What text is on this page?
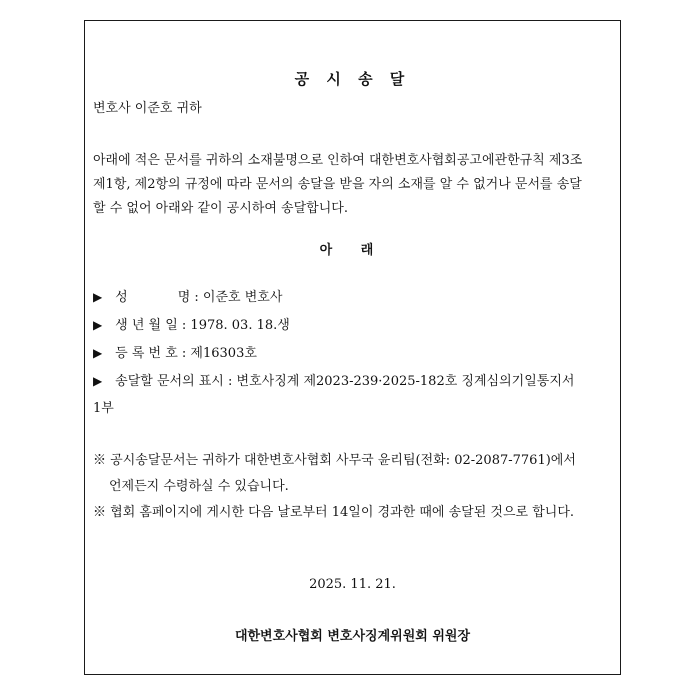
공 시 송 달
변호사 이준호 귀하
아래에 적은 문서를 귀하의 소재불명으로 인하여 대한변호사협회공고에관한규칙 제3조
제1항, 제2항의 규정에 따라 문서의 송달을 받을 자의 소재를 알 수 없거나 문서를 송달
할 수 없어 아래와 같이 공시하여 송달합니다.
아 래
▶ 성	명 : 이준호 변호사
▶ 생 년 월 일 : 1978. 03. 18.생
▶ 등 록 번 호 : 제16303호
▶ 송달할 문서의 표시 : 변호사징계 제2023-239·2025-182호 징계심의기일통지서
1부
※ 공시송달문서는 귀하가 대한변호사협회 사무국 윤리팀(전화: 02-2087-7761)에서
언제든지 수령하실 수 있습니다.
※ 협회 홈페이지에 게시한 다음 날로부터 14일이 경과한 때에 송달된 것으로 합니다.
2025. 11. 21.
대한변호사협회 변호사징계위원회 위원장
